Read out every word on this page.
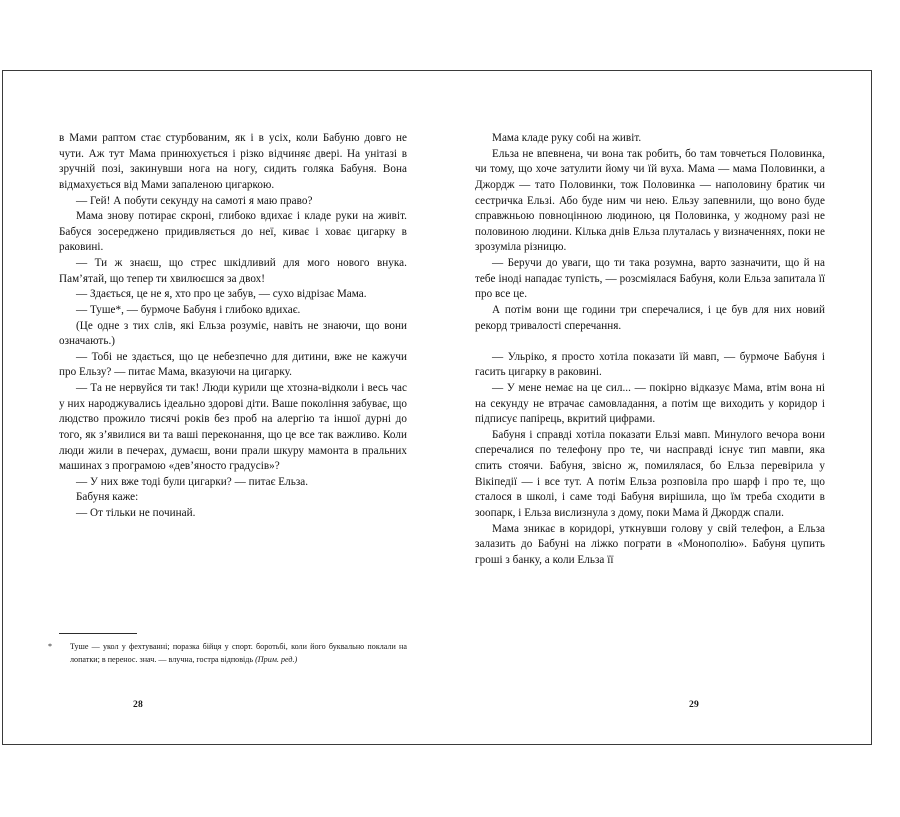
в Мами раптом стає стурбованим, як і в усіх, коли Бабуню довго не чути. Аж тут Мама принюхується і різко відчиняє двері. На унітазі в зручній позі, закинувши нога на ногу, сидить голяка Бабуня. Вона відмахується від Мами запаленою цигаркою.

— Гей! А побути секунду на самоті я маю право?

Мама знову потирає скроні, глибоко вдихає і кладе руки на живіт. Бабуся зосереджено придивляється до неї, киває і ховає цигарку в раковині.

— Ти ж знаєш, що стрес шкідливий для мого нового внука. Пам’ятай, що тепер ти хвилюєшся за двох!

— Здається, це не я, хто про це забув, — сухо відрізає Мама.

— Туше*, — бурмоче Бабуня і глибоко вдихає.

(Це одне з тих слів, які Ельза розуміє, навіть не знаючи, що вони означають.)

— Тобі не здається, що це небезпечно для дитини, вже не кажучи про Ельзу? — питає Мама, вказуючи на цигарку.

— Та не нервуйся ти так! Люди курили ще хтозна-відколи і весь час у них народжувались ідеально здорові діти. Ваше покоління забуває, що людство прожило тисячі років без проб на алергію та іншої дурні до того, як з’явилися ви та ваші переконання, що це все так важливо. Коли люди жили в печерах, думаєш, вони прали шкуру мамонта в пральних машинах з програмою «дев’яносто градусів»?

— У них вже тоді були цигарки? — питає Ельза.

Бабуня каже:

— От тільки не починай.

* Туше — укол у фехтуванні; поразка бійця у спорт. боротьбі, коли його буквально поклали на лопатки; в перенос. знач. — влучна, гостра відповідь (Прим. ред.)
28

Мама кладе руку собі на живіт.

Ельза не впевнена, чи вона так робить, бо там товчеться Половинка, чи тому, що хоче затулити йому чи їй вуха. Мама — мама Половинки, а Джордж — тато Половинки, тож Половинка — наполовину братик чи сестричка Ельзі. Або буде ним чи нею. Ельзу запевнили, що воно буде справжньою повноцінною людиною, ця Половинка, у жодному разі не половиною людини. Кілька днів Ельза плуталась у визначеннях, поки не зрозуміла різницю.

— Беручи до уваги, що ти така розумна, варто зазначити, що й на тебе іноді нападає тупість, — розсміялася Бабуня, коли Ельза запитала її про все це.

А потім вони ще години три сперечалися, і це був для них новий рекорд тривалості сперечання.

— Ульріко, я просто хотіла показати їй мавп, — бурмоче Бабуня і гасить цигарку в раковині.

— У мене немає на це сил... — покірно відказує Мама, втім вона ні на секунду не втрачає самовладання, а потім ще виходить у коридор і підписує папірець, вкритий цифрами.

Бабуня і справді хотіла показати Ельзі мавп. Минулого вечора вони сперечалися по телефону про те, чи насправді існує тип мавпи, яка спить стоячи. Бабуня, звісно ж, помилялася, бо Ельза перевірила у Вікіпедії — і все тут. А потім Ельза розповіла про шарф і про те, що сталося в школі, і саме тоді Бабуня вирішила, що їм треба сходити в зоопарк, і Ельза вислизнула з дому, поки Мама й Джордж спали.

Мама зникає в коридорі, уткнувши голову у свій телефон, а Ельза залазить до Бабуні на ліжко пограти в «Монополію». Бабуня цупить гроші з банку, а коли Ельза її

29
